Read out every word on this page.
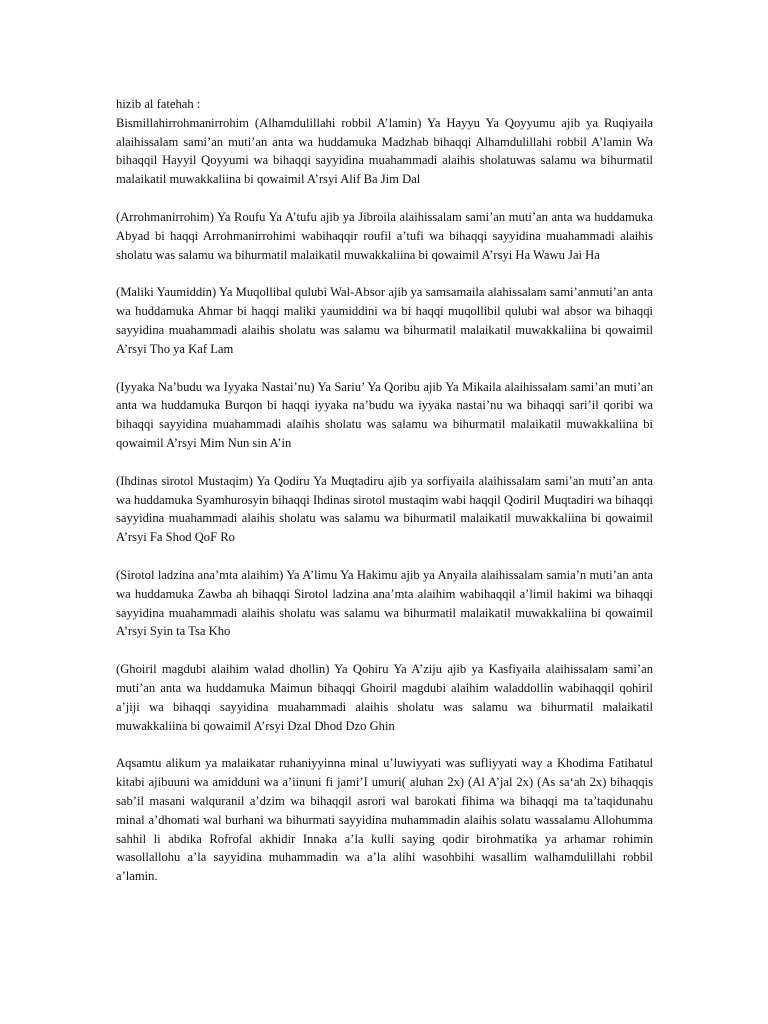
hizib al fatehah :

Bismillahirrohmanirrohim (Alhamdulillahi robbil A’lamin) Ya Hayyu Ya Qoyyumu ajib ya Ruqiyaila alaihissalam sami’an muti’an anta wa huddamuka Madzhab bihaqqi Alhamdulillahi robbil A’lamin Wa bihaqqil Hayyil Qoyyumi wa bihaqqi sayyidina muahammadi alaihis sholatuwas salamu wa bihurmatil malaikatil muwakkaliina bi qowaimil A’rsyi Alif Ba Jim Dal

(Arrohmanirrohim) Ya Roufu Ya A’tufu ajib ya Jibroila alaihissalam sami’an muti’an anta wa huddamuka Abyad bi haqqi Arrohmanirrohimi wabihaqqir roufil a’tufi wa bihaqqi sayyidina muahammadi alaihis sholatu was salamu wa bihurmatil malaikatil muwakkaliina bi qowaimil A’rsyi Ha Wawu Jai Ha

(Maliki Yaumiddin) Ya Muqollibal qulubi Wal-Absor ajib ya samsamaila alahissalam sami’anmuti’an anta wa huddamuka Ahmar bi haqqi maliki yaumiddini wa bi haqqi muqollibil qulubi wal absor wa bihaqqi sayyidina muahammadi alaihis sholatu was salamu wa bihurmatil malaikatil muwakkaliina bi qowaimil A’rsyi Tho ya Kaf Lam

(Iyyaka Na’budu wa Iyyaka Nastai’nu) Ya Sariu’ Ya Qoribu ajib Ya Mikaila alaihissalam sami’an muti’an anta wa huddamuka Burqon bi haqqi iyyaka na’budu wa iyyaka nastai’nu wa bihaqqi sari’il qoribi wa bihaqqi sayyidina muahammadi alaihis sholatu was salamu wa bihurmatil malaikatil muwakkaliina bi qowaimil A’rsyi Mim Nun sin A’in

(Ihdinas sirotol Mustaqim) Ya Qodiru Ya Muqtadiru ajib ya sorfiyaila alaihissalam sami’an muti’an anta wa huddamuka Syamhurosyin bihaqqi Ihdinas sirotol mustaqim wabi haqqil Qodiril Muqtadiri wa bihaqqi sayyidina muahammadi alaihis sholatu was salamu wa bihurmatil malaikatil muwakkaliina bi qowaimil A’rsyi Fa Shod QoF Ro

(Sirotol ladzina ana’mta alaihim) Ya A’limu Ya Hakimu ajib ya Anyaila alaihissalam samia’n muti’an anta wa huddamuka Zawba ah bihaqqi Sirotol ladzina ana’mta alaihim wabihaqqil a’limil hakimi wa bihaqqi sayyidina muahammadi alaihis sholatu was salamu wa bihurmatil malaikatil muwakkaliina bi qowaimil A’rsyi Syin ta Tsa Kho

(Ghoiril magdubi alaihim walad dhollin) Ya Qohiru Ya A’ziju ajib ya Kasfiyaila alaihissalam sami’an muti’an anta wa huddamuka Maimun bihaqqi Ghoiril magdubi alaihim waladdollin wabihaqqil qohiril a’jiji wa bihaqqi sayyidina muahammadi alaihis sholatu was salamu wa bihurmatil malaikatil muwakkaliina bi qowaimil A’rsyi Dzal Dhod Dzo Ghin

Aqsamtu alikum ya malaikatar ruhaniyyinna minal u’luwiyyati was sufliyyati way a Khodima Fatihatul kitabi ajibuuni wa amidduni wa a’iinuni fi jami’I umuri( aluhan 2x) (Al A’jal 2x) (As sa‘ah 2x) bihaqqis sab’il masani walquranil a’dzim wa bihaqqil asrori wal barokati fihima wa bihaqqi ma ta’taqidunahu minal a’dhomati wal burhani wa bihurmati sayyidina muhammadin alaihis solatu wassalamu Allohumma sahhil li abdika Rofrofal akhidir Innaka a’la kulli saying qodir birohmatika ya arhamar rohimin wasollallohu a’la sayyidina muhammadin wa a’la alihi wasohbihi wasallim walhamdulillahi robbil a’lamin.
